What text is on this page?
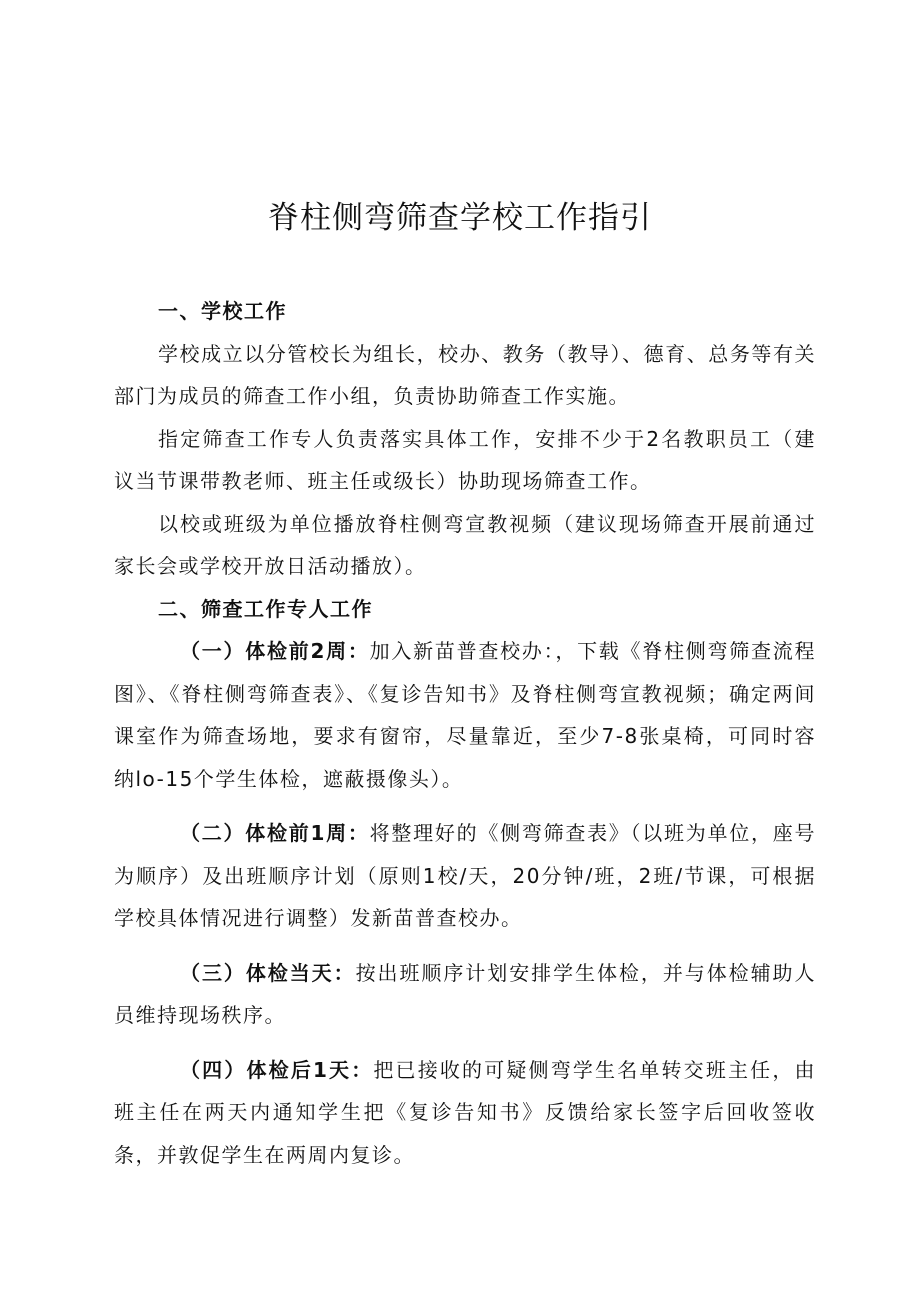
脊柱侧弯筛查学校工作指引

一、学校工作

学校成立以分管校长为组长，校办、教务（教导）、德育、总务等有关部门为成员的筛查工作小组，负责协助筛查工作实施。

指定筛查工作专人负责落实具体工作，安排不少于2名教职员工（建议当节课带教老师、班主任或级长）协助现场筛查工作。

以校或班级为单位播放脊柱侧弯宣教视频（建议现场筛查开展前通过家长会或学校开放日活动播放）。

二、筛查工作专人工作

（一）体检前2周：加入新苗普查校办：，下载《脊柱侧弯筛查流程图》、《脊柱侧弯筛查表》、《复诊告知书》及脊柱侧弯宣教视频；确定两间课室作为筛查场地，要求有窗帘，尽量靠近，至少7-8张桌椅，可同时容纳lo-15个学生体检，遮蔽摄像头）。

（二）体检前1周：将整理好的《侧弯筛查表》（以班为单位，座号为顺序）及出班顺序计划（原则1校/天，20分钟/班，2班/节课，可根据学校具体情况进行调整）发新苗普查校办。

（三）体检当天：按出班顺序计划安排学生体检，并与体检辅助人员维持现场秩序。

（四）体检后1天：把已接收的可疑侧弯学生名单转交班主任，由班主任在两天内通知学生把《复诊告知书》反馈给家长签字后回收签收条，并敦促学生在两周内复诊。
